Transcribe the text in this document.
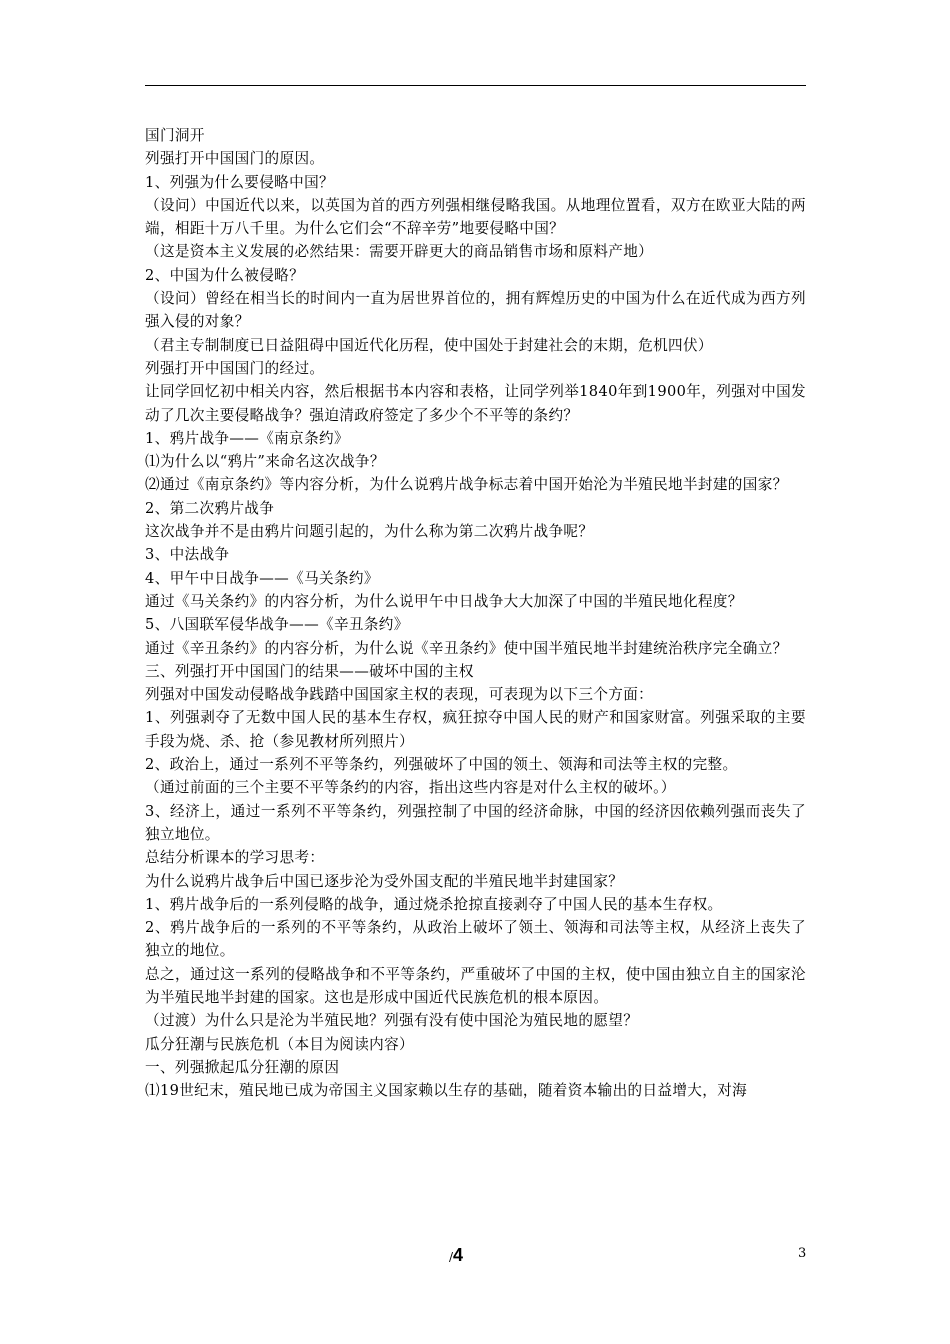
国门洞开

列强打开中国国门的原因。

1、列强为什么要侵略中国？

（设问）中国近代以来，以英国为首的西方列强相继侵略我国。从地理位置看，双方在欧亚大陆的两端，相距十万八千里。为什么它们会“不辞辛劳”地要侵略中国？

（这是资本主义发展的必然结果：需要开辟更大的商品销售市场和原料产地）

2、中国为什么被侵略？

（设问）曾经在相当长的时间内一直为居世界首位的，拥有辉煌历史的中国为什么在近代成为西方列强入侵的对象？

（君主专制制度已日益阻碍中国近代化历程，使中国处于封建社会的末期，危机四伏）

列强打开中国国门的经过。

让同学回忆初中相关内容，然后根据书本内容和表格，让同学列举1840年到1900年，列强对中国发动了几次主要侵略战争？强迫清政府签定了多少个不平等的条约？

1、鸦片战争——《南京条约》

⑴为什么以“鸦片”来命名这次战争？

⑵通过《南京条约》等内容分析，为什么说鸦片战争标志着中国开始沦为半殖民地半封建的国家？

2、第二次鸦片战争

这次战争并不是由鸦片问题引起的，为什么称为第二次鸦片战争呢？

3、中法战争

4、甲午中日战争——《马关条约》

通过《马关条约》的内容分析，为什么说甲午中日战争大大加深了中国的半殖民地化程度？

5、八国联军侵华战争——《辛丑条约》

通过《辛丑条约》的内容分析，为什么说《辛丑条约》使中国半殖民地半封建统治秩序完全确立？

三、列强打开中国国门的结果——破坏中国的主权

列强对中国发动侵略战争践踏中国国家主权的表现，可表现为以下三个方面：

1、列强剥夺了无数中国人民的基本生存权，疯狂掠夺中国人民的财产和国家财富。列强采取的主要手段为烧、杀、抢（参见教材所列照片）

2、政治上，通过一系列不平等条约，列强破坏了中国的领土、领海和司法等主权的完整。

（通过前面的三个主要不平等条约的内容，指出这些内容是对什么主权的破坏。）

3、经济上，通过一系列不平等条约，列强控制了中国的经济命脉，中国的经济因依赖列强而丧失了独立地位。

总结分析课本的学习思考：

为什么说鸦片战争后中国已逐步沦为受外国支配的半殖民地半封建国家？

1、鸦片战争后的一系列侵略的战争，通过烧杀抢掠直接剥夺了中国人民的基本生存权。

2、鸦片战争后的一系列的不平等条约，从政治上破坏了领土、领海和司法等主权，从经济上丧失了独立的地位。

总之，通过这一系列的侵略战争和不平等条约，严重破坏了中国的主权，使中国由独立自主的国家沦为半殖民地半封建的国家。这也是形成中国近代民族危机的根本原因。

（过渡）为什么只是沦为半殖民地？列强有没有使中国沦为殖民地的愿望？

瓜分狂潮与民族危机（本目为阅读内容）

一、列强掀起瓜分狂潮的原因

⑴19世纪末，殖民地已成为帝国主义国家赖以生存的基础，随着资本输出的日益增大，对海

/4	3
